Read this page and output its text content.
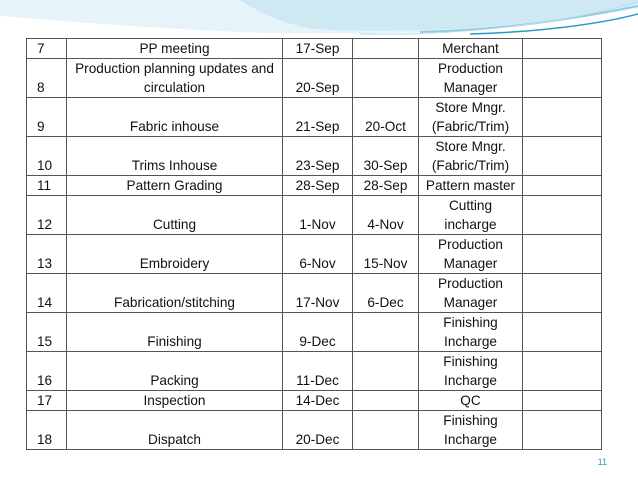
7	PP meeting	17-Sep		Merchant	

8	Production planning updates and
circulation	20-Sep		Production
Manager	

9	Fabric inhouse	21-Sep	20-Oct	Store Mngr.
(Fabric/Trim)	

10	Trims Inhouse	23-Sep	30-Sep	Store Mngr.
(Fabric/Trim)	

11	Pattern Grading	28-Sep	28-Sep	Pattern master	

12	Cutting	1-Nov	4-Nov	Cutting
incharge	

13	Embroidery	6-Nov	15-Nov	Production
Manager	

14	Fabrication/stitching	17-Nov	6-Dec	Production
Manager	

15	Finishing	9-Dec		Finishing
Incharge	

16	Packing	11-Dec		Finishing
Incharge	

17	Inspection	14-Dec		QC	

18	Dispatch	20-Dec		Finishing
Incharge	

11
